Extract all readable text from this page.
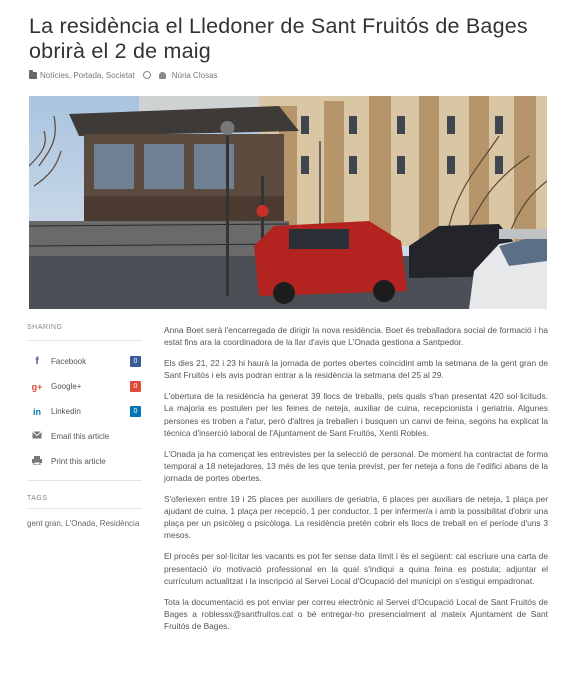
La residència el Lledoner de Sant Fruitós de Bages obrirà el 2 de maig
Notícies, Portada, Societat	Núria Closas
SHARING
f	Facebook	0
g+ Google+	0
in	Linkedin	0
Email this article
Print this article
TAGS
gent gran, L'Onada, Residència

Anna Boet serà l'encarregada de dirigir la nova residència. Boet és treballadora social de formació i ha estat fins ara la coordinadora de la llar d'avis que L'Onada gestiona a Santpedor.

Els dies 21, 22 i 23 hi haurà la jornada de portes obertes coincidint amb la setmana de la gent gran de Sant Fruitós i els avis podran entrar a la residència la setmana del 25 al 29.

L'obertura de la residència ha generat 39 llocs de treballs, pels quals s'han presentat 420 sol·licituds. La majoria es postulen per les feines de neteja, auxiliar de cuina, recepcionista i geriatria. Algunes persones es troben a l'atur, però d'altres ja treballen i busquen un canvi de feina, segons ha explicat la tècnica d'inserció laboral de l'Ajuntament de Sant Fruitós, Xenti Robles.

L'Onada ja ha començat les entrevistes per la selecció de personal. De moment ha contractat de forma temporal a 18 netejadores, 13 més de les que tenia previst, per fer neteja a fons de l'edifici abans de la jornada de portes obertes.

S'oferiexen entre 19 i 25 places per auxiliars de geriatria, 6 places per auxiliars de neteja, 1 plaça per ajudant de cuina, 1 plaça per recepció, 1 per conductor, 1 per infermer/a i amb la possibilitat d'obrir una plaça per un psicòleg o psicòloga. La residència pretén cobrir els llocs de treball en el període d'uns 3 mesos.

El procés per sol·licitar les vacants es pot fer sense data límit i és el següent: cal escriure una carta de presentació i/o motivació professional en la qual s'indiqui a quina feina es postula; adjuntar el currículum actualitzat i la inscripció al Servei Local d'Ocupació del municipi on s'estigui empadronat.

Tota la documentació es pot enviar per correu electrònic al Servei d'Ocupació Local de Sant Fruitós de Bages a roblessx@santfruitos.cat o bé entregar-ho presencialment al mateix Ajuntament de Sant Fruitós de Bages.
